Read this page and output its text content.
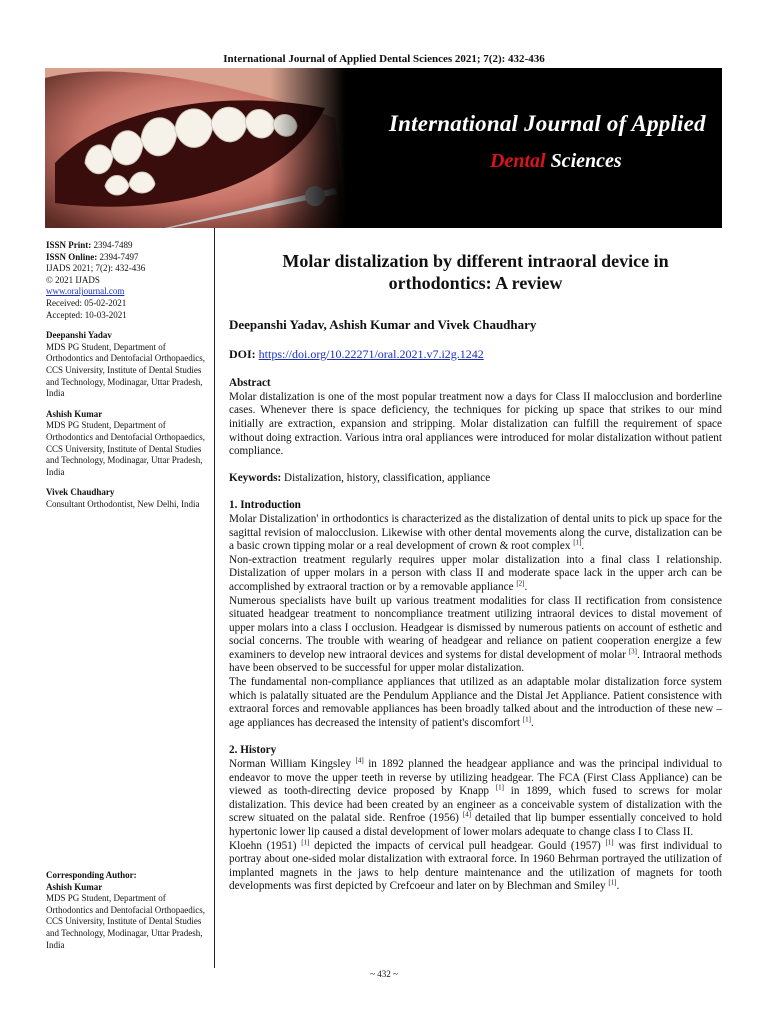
International Journal of Applied Dental Sciences 2021; 7(2): 432-436
International Journal of Applied
Dental Sciences

ISSN Print: 2394-7489

ISSN Online: 2394-7497

IJADS 2021; 7(2): 432-436

© 2021 IJADS

www.oraljournal.com

Received: 05-02-2021

Accepted: 10-03-2021

Deepanshi Yadav

MDS PG Student, Department of Orthodontics and Dentofacial Orthopaedics, CCS University, Institute of Dental Studies and Technology, Modinagar, Uttar Pradesh, India

Ashish Kumar

MDS PG Student, Department of Orthodontics and Dentofacial Orthopaedics, CCS University, Institute of Dental Studies and Technology, Modinagar, Uttar Pradesh, India

Vivek Chaudhary

Consultant Orthodontist, New Delhi, India

Corresponding Author:

Ashish Kumar

MDS PG Student, Department of Orthodontics and Dentofacial Orthopaedics, CCS University, Institute of Dental Studies and Technology, Modinagar, Uttar Pradesh, India

Molar distalization by different intraoral device in orthodontics: A review
Deepanshi Yadav, Ashish Kumar and Vivek Chaudhary
DOI: https://doi.org/10.22271/oral.2021.v7.i2g.1242

Abstract

Molar distalization is one of the most popular treatment now a days for Class II malocclusion and borderline cases. Whenever there is space deficiency, the techniques for picking up space that strikes to our mind initially are extraction, expansion and stripping. Molar distalization can fulfill the requirement of space without doing extraction. Various intra oral appliances were introduced for molar distalization without patient compliance.

Keywords: Distalization, history, classification, appliance

1. Introduction

Molar Distalization' in orthodontics is characterized as the distalization of dental units to pick up space for the sagittal revision of malocclusion. Likewise with other dental movements along the curve, distalization can be a basic crown tipping molar or a real development of crown & root complex [1].

Non-extraction treatment regularly requires upper molar distalization into a final class I relationship. Distalization of upper molars in a person with class II and moderate space lack in the upper arch can be accomplished by extraoral traction or by a removable appliance [2].

Numerous specialists have built up various treatment modalities for class II rectification from consistence situated headgear treatment to noncompliance treatment utilizing intraoral devices to distal movement of upper molars into a class I occlusion. Headgear is dismissed by numerous patients on account of esthetic and social concerns. The trouble with wearing of headgear and reliance on patient cooperation energize a few examiners to develop new intraoral devices and systems for distal development of molar [3]. Intraoral methods have been observed to be successful for upper molar distalization.

The fundamental non-compliance appliances that utilized as an adaptable molar distalization force system which is palatally situated are the Pendulum Appliance and the Distal Jet Appliance. Patient consistence with extraoral forces and removable appliances has been broadly talked about and the introduction of these new – age appliances has decreased the intensity of patient's discomfort [1].

2. History

Norman William Kingsley [4] in 1892 planned the headgear appliance and was the principal individual to endeavor to move the upper teeth in reverse by utilizing headgear. The FCA (First Class Appliance) can be viewed as tooth-directing device proposed by Knapp [1] in 1899, which fused to screws for molar distalization. This device had been created by an engineer as a conceivable system of distalization with the screw situated on the palatal side. Renfroe (1956) [4] detailed that lip bumper essentially conceived to hold hypertonic lower lip caused a distal development of lower molars adequate to change class I to Class II.

Kloehn (1951) [1] depicted the impacts of cervical pull headgear. Gould (1957) [1] was first individual to portray about one-sided molar distalization with extraoral force. In 1960 Behrman portrayed the utilization of implanted magnets in the jaws to help denture maintenance and the utilization of magnets for tooth developments was first depicted by Crefcoeur and later on by Blechman and Smiley [1].

~ 432 ~
